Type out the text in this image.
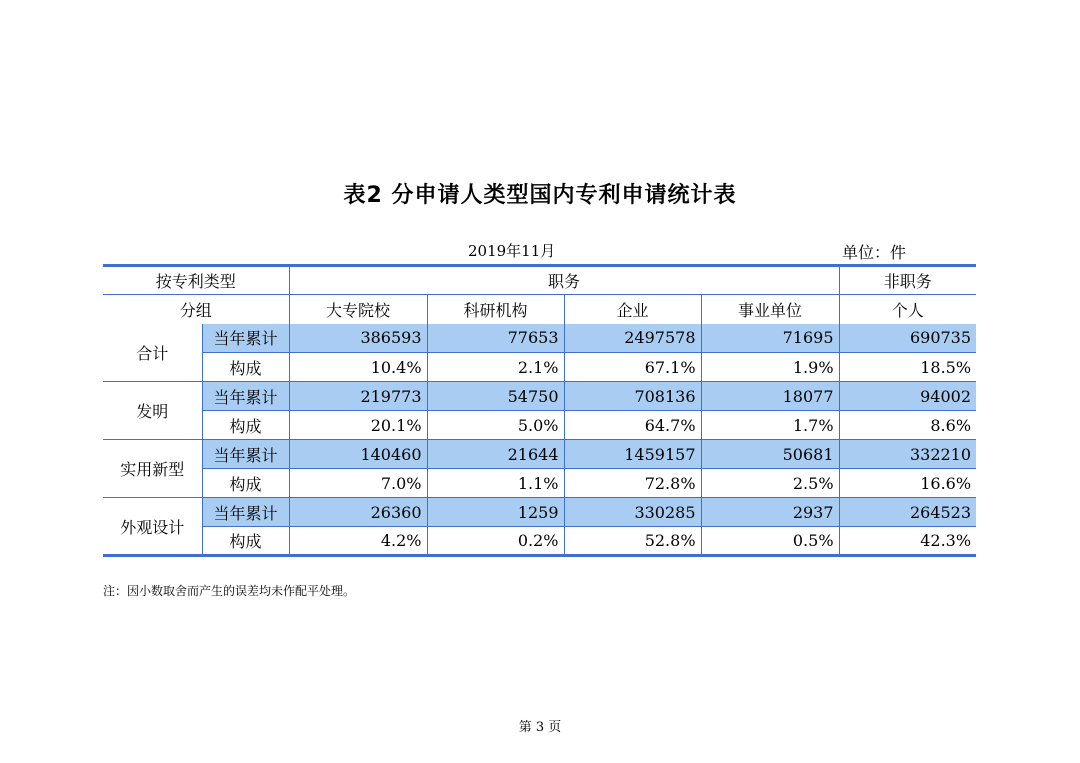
表2 分申请人类型国内专利申请统计表
2019年11月	单位：件
按专利类型		职务				非职务
分组		大专院校	科研机构	企业	事业单位	个人
合计	当年累计	386593	77653	2497578	71695	690735
	构成	10.4%	2.1%	67.1%	1.9%	18.5%
发明	当年累计	219773	54750	708136	18077	94002
	构成	20.1%	5.0%	64.7%	1.7%	8.6%
实用新型	当年累计	140460	21644	1459157	50681	332210
	构成	7.0%	1.1%	72.8%	2.5%	16.6%
外观设计	当年累计	26360	1259	330285	2937	264523
	构成	4.2%	0.2%	52.8%	0.5%	42.3%
注：因小数取舍而产生的误差均未作配平处理。
第 3 页
